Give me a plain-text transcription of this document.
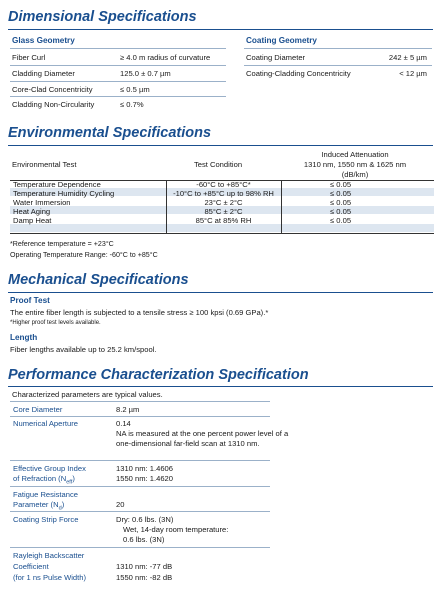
Dimensional Specifications
Glass Geometry
Fiber Curl	≥ 4.0 m radius of curvature
Cladding Diameter	125.0 ± 0.7 µm
Core-Clad Concentricity	≤ 0.5 µm
Cladding Non-Circularity	≤ 0.7%
Coating Geometry
Coating Diameter	242 ± 5 µm
Coating-Cladding Concentricity	< 12 µm
Environmental Specifications
Environmental Test	Test Condition
Induced Attenuation
1310 nm, 1550 nm & 1625 nm
(dB/km)
Temperature Dependence	-60°C to +85°C*	≤ 0.05
Temperature Humidity Cycling	-10°C to +85°C up to 98% RH	≤ 0.05
Water Immersion	23°C ± 2°C	≤ 0.05
Heat Aging	85°C ± 2°C	≤ 0.05
Damp Heat	85°C at 85% RH	≤ 0.05
*Reference temperature = +23°C
Operating Temperature Range: -60°C to +85°C
Mechanical Specifications
Proof Test
The entire fiber length is subjected to a tensile stress ≥ 100 kpsi (0.69 GPa).*
*Higher proof test levels available.
Length
Fiber lengths available up to 25.2 km/spool.
Performance Characterization Specification
Characterized parameters are typical values.
Core Diameter	8.2 µm
Numerical Aperture	0.14
NA is measured at the one percent power level of a one-dimensional far-field scan at 1310 nm.
Effective Group Index
of Refraction $(N_{eff})$
1310 nm: 1.4606
1550 nm: 1.4620
Fatigue Resistance
Parameter $(N_d)$	20
Coating Strip Force	Dry: 0.6 lbs. (3N)
Wet, 14-day room temperature:
0.6 lbs. (3N)
Rayleigh Backscatter
Coefficient
(for 1 ns Pulse Width)
1310 nm: -77 dB
1550 nm: -82 dB
